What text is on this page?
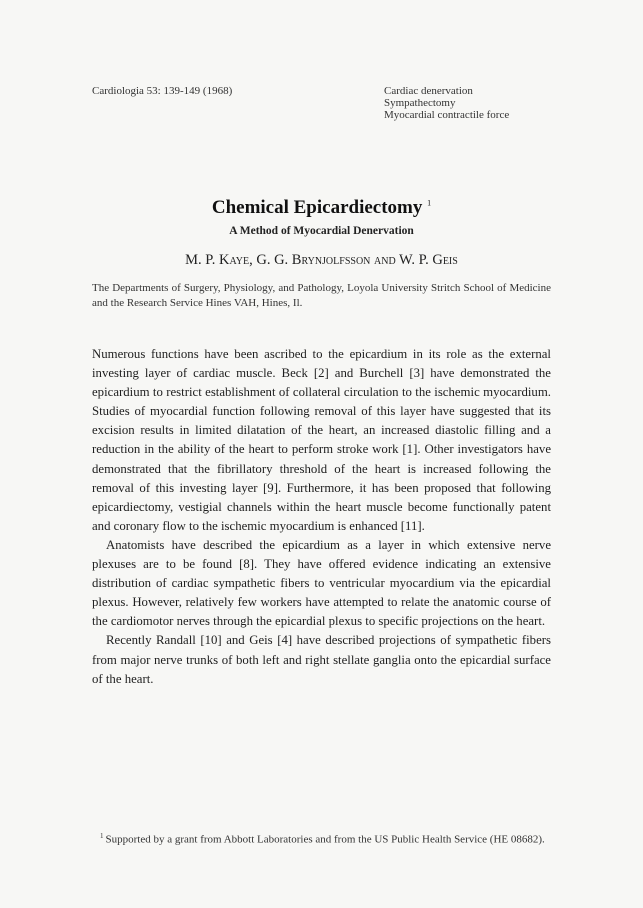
Cardiologia 53: 139-149 (1968)	Cardiac denervation
Sympathectomy
Myocardial contractile force
Chemical Epicardiectomy $^1$
A Method of Myocardial Denervation
M. P. Kaye, G. G. Brynjolfsson and W. P. Geis
The Departments of Surgery, Physiology, and Pathology, Loyola University Stritch School of Medicine and the Research Service Hines VAH, Hines, Il.

Numerous functions have been ascribed to the epicardium in its role as the external investing layer of cardiac muscle. Beck [2] and Burchell [3] have demonstrated the epicardium to restrict establishment of collateral circulation to the ischemic myocardium. Studies of myocardial function following removal of this layer have suggested that its excision results in limited dilatation of the heart, an increased diastolic filling and a reduction in the ability of the heart to perform stroke work [1]. Other investigators have demonstrated that the fibrillatory threshold of the heart is increased following the removal of this investing layer [9]. Furthermore, it has been proposed that following epicardiectomy, vestigial channels within the heart muscle become functionally patent and coronary flow to the ischemic myocardium is enhanced [11].

Anatomists have described the epicardium as a layer in which extensive nerve plexuses are to be found [8]. They have offered evidence indicating an extensive distribution of cardiac sympathetic fibers to ventricular myocardium via the epicardial plexus. However, relatively few workers have attempted to relate the anatomic course of the cardiomotor nerves through the epicardial plexus to specific projections on the heart.

Recently Randall [10] and Geis [4] have described projections of sympathetic fibers from major nerve trunks of both left and right stellate ganglia onto the epicardial surface of the heart.

$^1$ Supported by a grant from Abbott Laboratories and from the US Public Health Service (HE 08682).
